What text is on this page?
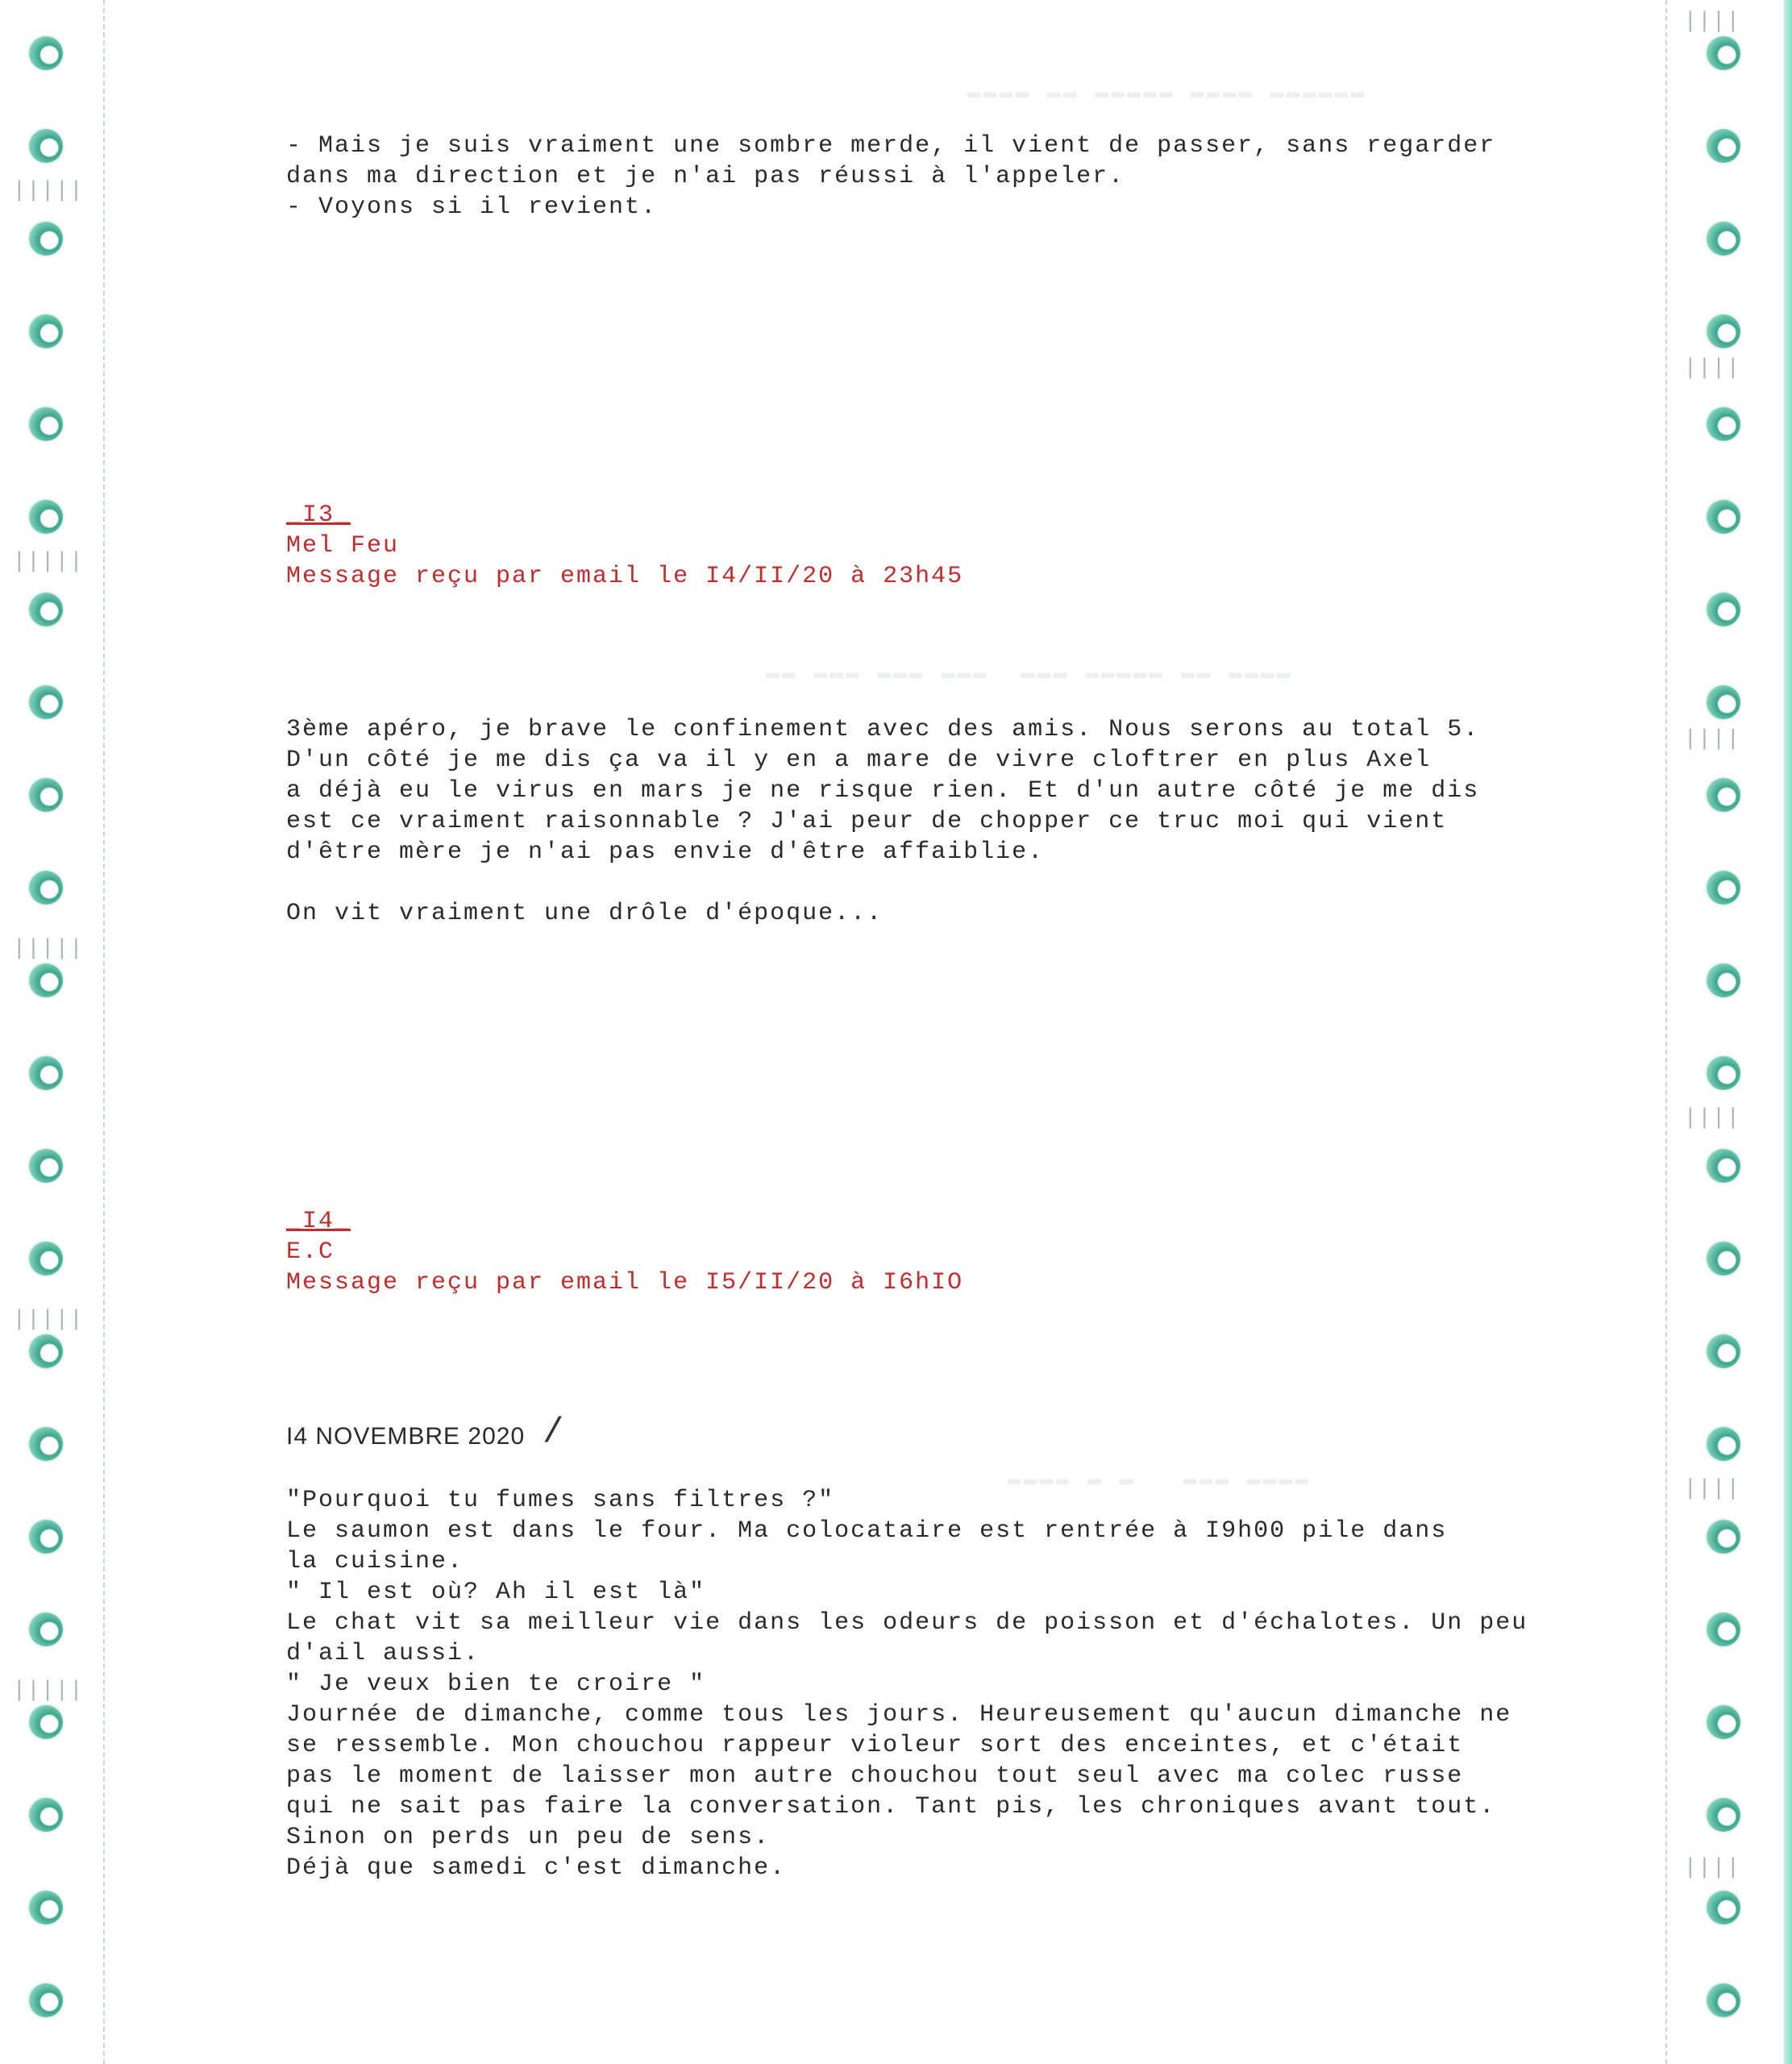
|||||
|||||
|||||
|||||
|||||
||||
||||
||||
||||
||||
||||
▬▬▬▬ ▬▬ ▬▬▬▬▬ ▬▬▬▬ ▬▬▬▬▬▬
▬▬ ▬▬▬ ▬▬▬ ▬▬▬  ▬▬▬ ▬▬▬▬▬ ▬▬ ▬▬▬▬
▬▬▬▬ ▬ ▬   ▬▬▬ ▬▬▬▬
- Mais je suis vraiment une sombre merde, il vient de passer, sans regarder
dans ma direction et je n'ai pas réussi à l'appeler.
- Voyons si il revient.
_I3_
Mel Feu
Message reçu par email le I4/II/20 à 23h45
3ème apéro, je brave le confinement avec des amis. Nous serons au total 5.
D'un côté je me dis ça va il y en a mare de vivre cloftrer en plus Axel
a déjà eu le virus en mars je ne risque rien. Et d'un autre côté je me dis
est ce vraiment raisonnable ? J'ai peur de chopper ce truc moi qui vient
d'être mère je n'ai pas envie d'être affaiblie.
On vit vraiment une drôle d'époque...
_I4_
E.C
Message reçu par email le I5/II/20 à I6hIO
I4 NOVEMBRE 2020 /
"Pourquoi tu fumes sans filtres ?"
Le saumon est dans le four. Ma colocataire est rentrée à I9h00 pile dans
la cuisine.
" Il est où? Ah il est là"
Le chat vit sa meilleur vie dans les odeurs de poisson et d'échalotes. Un peu
d'ail aussi.
" Je veux bien te croire "
Journée de dimanche, comme tous les jours. Heureusement qu'aucun dimanche ne
se ressemble. Mon chouchou rappeur violeur sort des enceintes, et c'était
pas le moment de laisser mon autre chouchou tout seul avec ma colec russe
qui ne sait pas faire la conversation. Tant pis, les chroniques avant tout.
Sinon on perds un peu de sens.
Déjà que samedi c'est dimanche.
